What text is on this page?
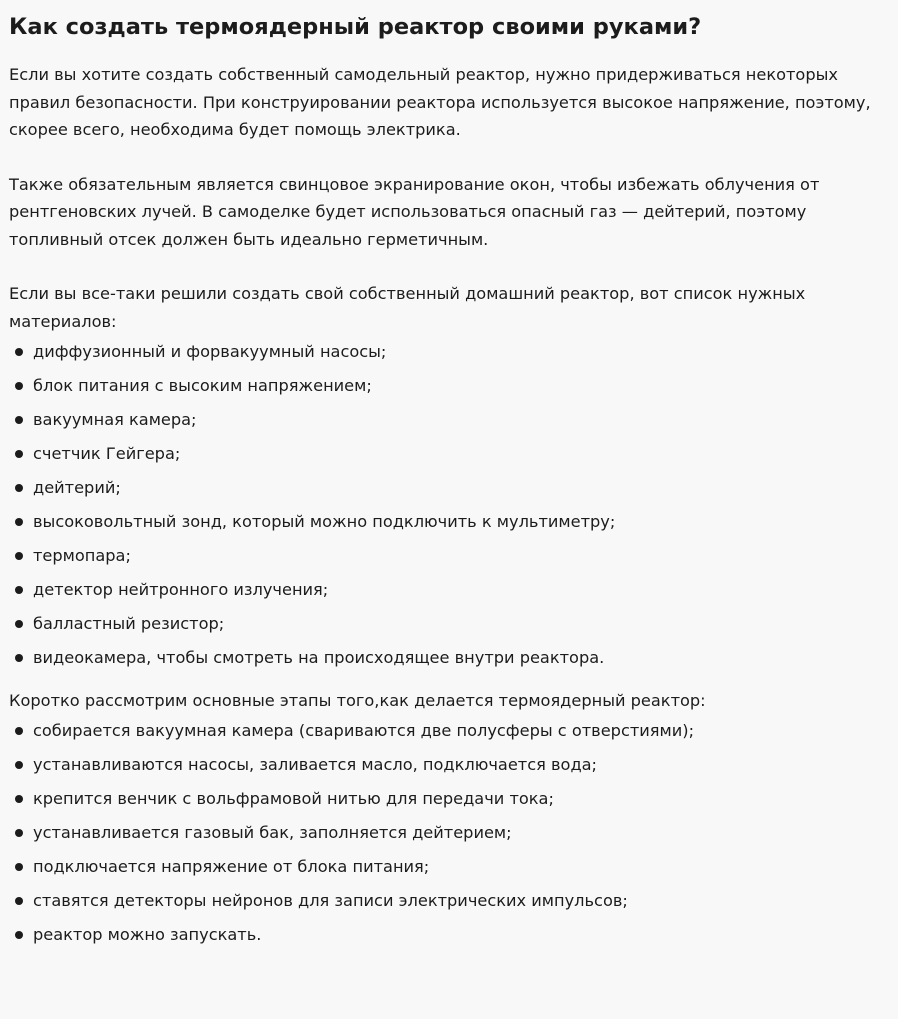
Как создать термоядерный реактор своими руками?

Если вы хотите создать собственный самодельный реактор, нужно придерживаться некоторых правил безопасности. При конструировании реактора используется высокое напряжение, поэтому, скорее всего, необходима будет помощь электрика.

Также обязательным является свинцовое экранирование окон, чтобы избежать облучения от рентгеновских лучей. В самоделке будет использоваться опасный газ — дейтерий, поэтому топливный отсек должен быть идеально герметичным.

Если вы все-таки решили создать свой собственный домашний реактор, вот список нужных материалов:

диффузионный и форвакуумный насосы;
блок питания с высоким напряжением;
вакуумная камера;
счетчик Гейгера;
дейтерий;
высоковольтный зонд, который можно подключить к мультиметру;
термопара;
детектор нейтронного излучения;
балластный резистор;
видеокамера, чтобы смотреть на происходящее внутри реактора.

Коротко рассмотрим основные этапы того,как делается термоядерный реактор:

собирается вакуумная камера (свариваются две полусферы с отверстиями);
устанавливаются насосы, заливается масло, подключается вода;
крепится венчик с вольфрамовой нитью для передачи тока;
устанавливается газовый бак, заполняется дейтерием;
подключается напряжение от блока питания;
ставятся детекторы нейронов для записи электрических импульсов;
реактор можно запускать.
